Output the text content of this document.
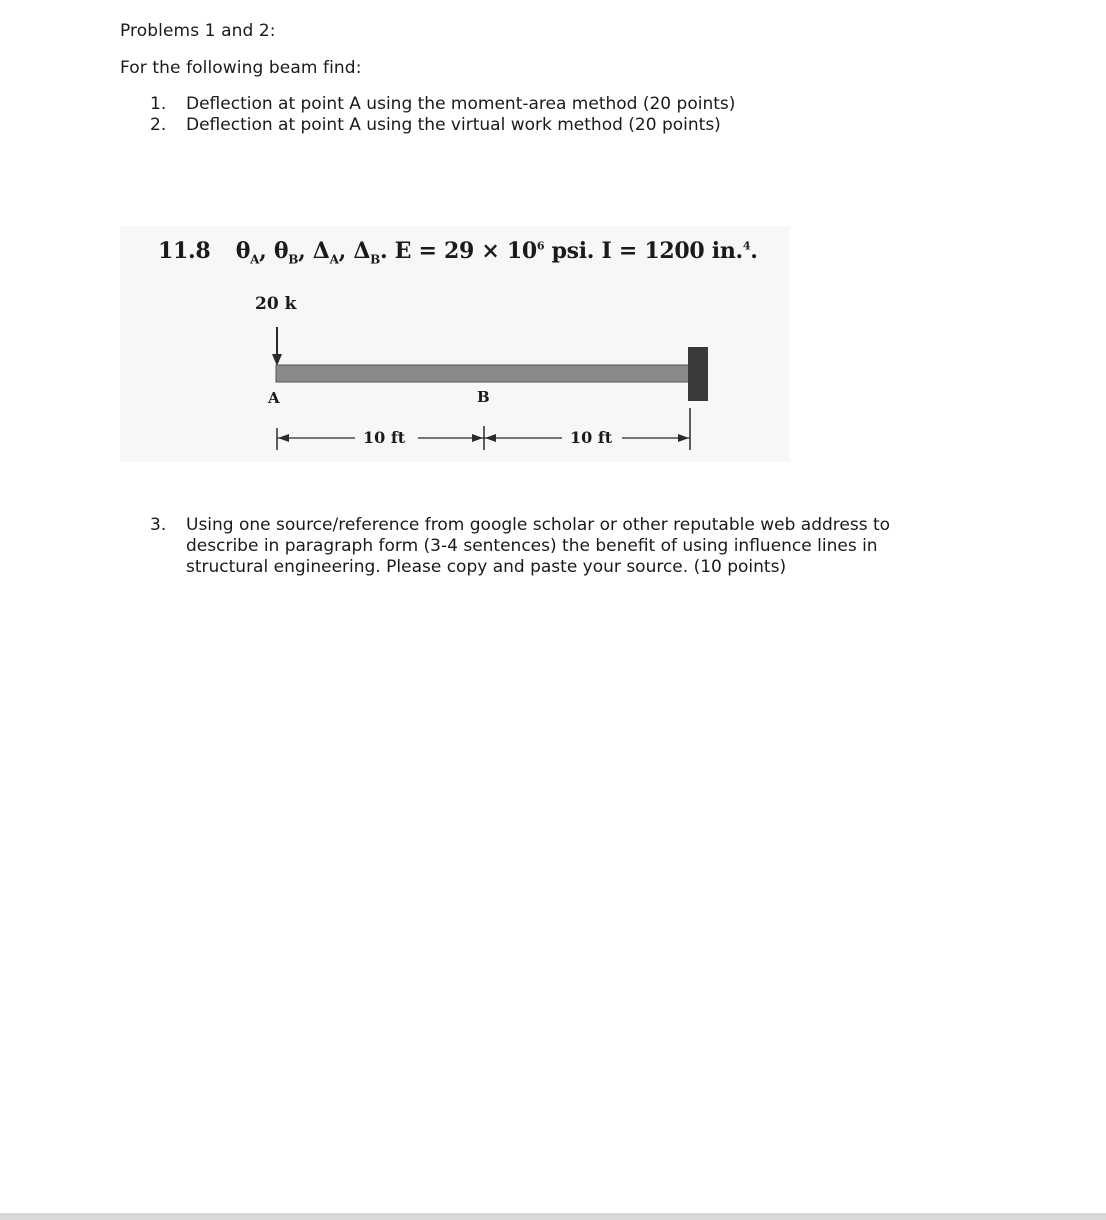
Problems 1 and 2:
For the following beam find:
1.	Deflection at point A using the moment-area method (20 points)
2.	Deflection at point A using the virtual work method (20 points)
11.8 $\theta_A$, $\theta_B$, $\Delta_A$, $\Delta_B$. $E = 29 \times 10^6$ psi. I = 1200 in.$^4$.
20 k
A	B
10 ft	10 ft
3.	Using one source/reference from google scholar or other reputable web address to describe in paragraph form (3-4 sentences) the benefit of using influence lines in structural engineering. Please copy and paste your source. (10 points)
